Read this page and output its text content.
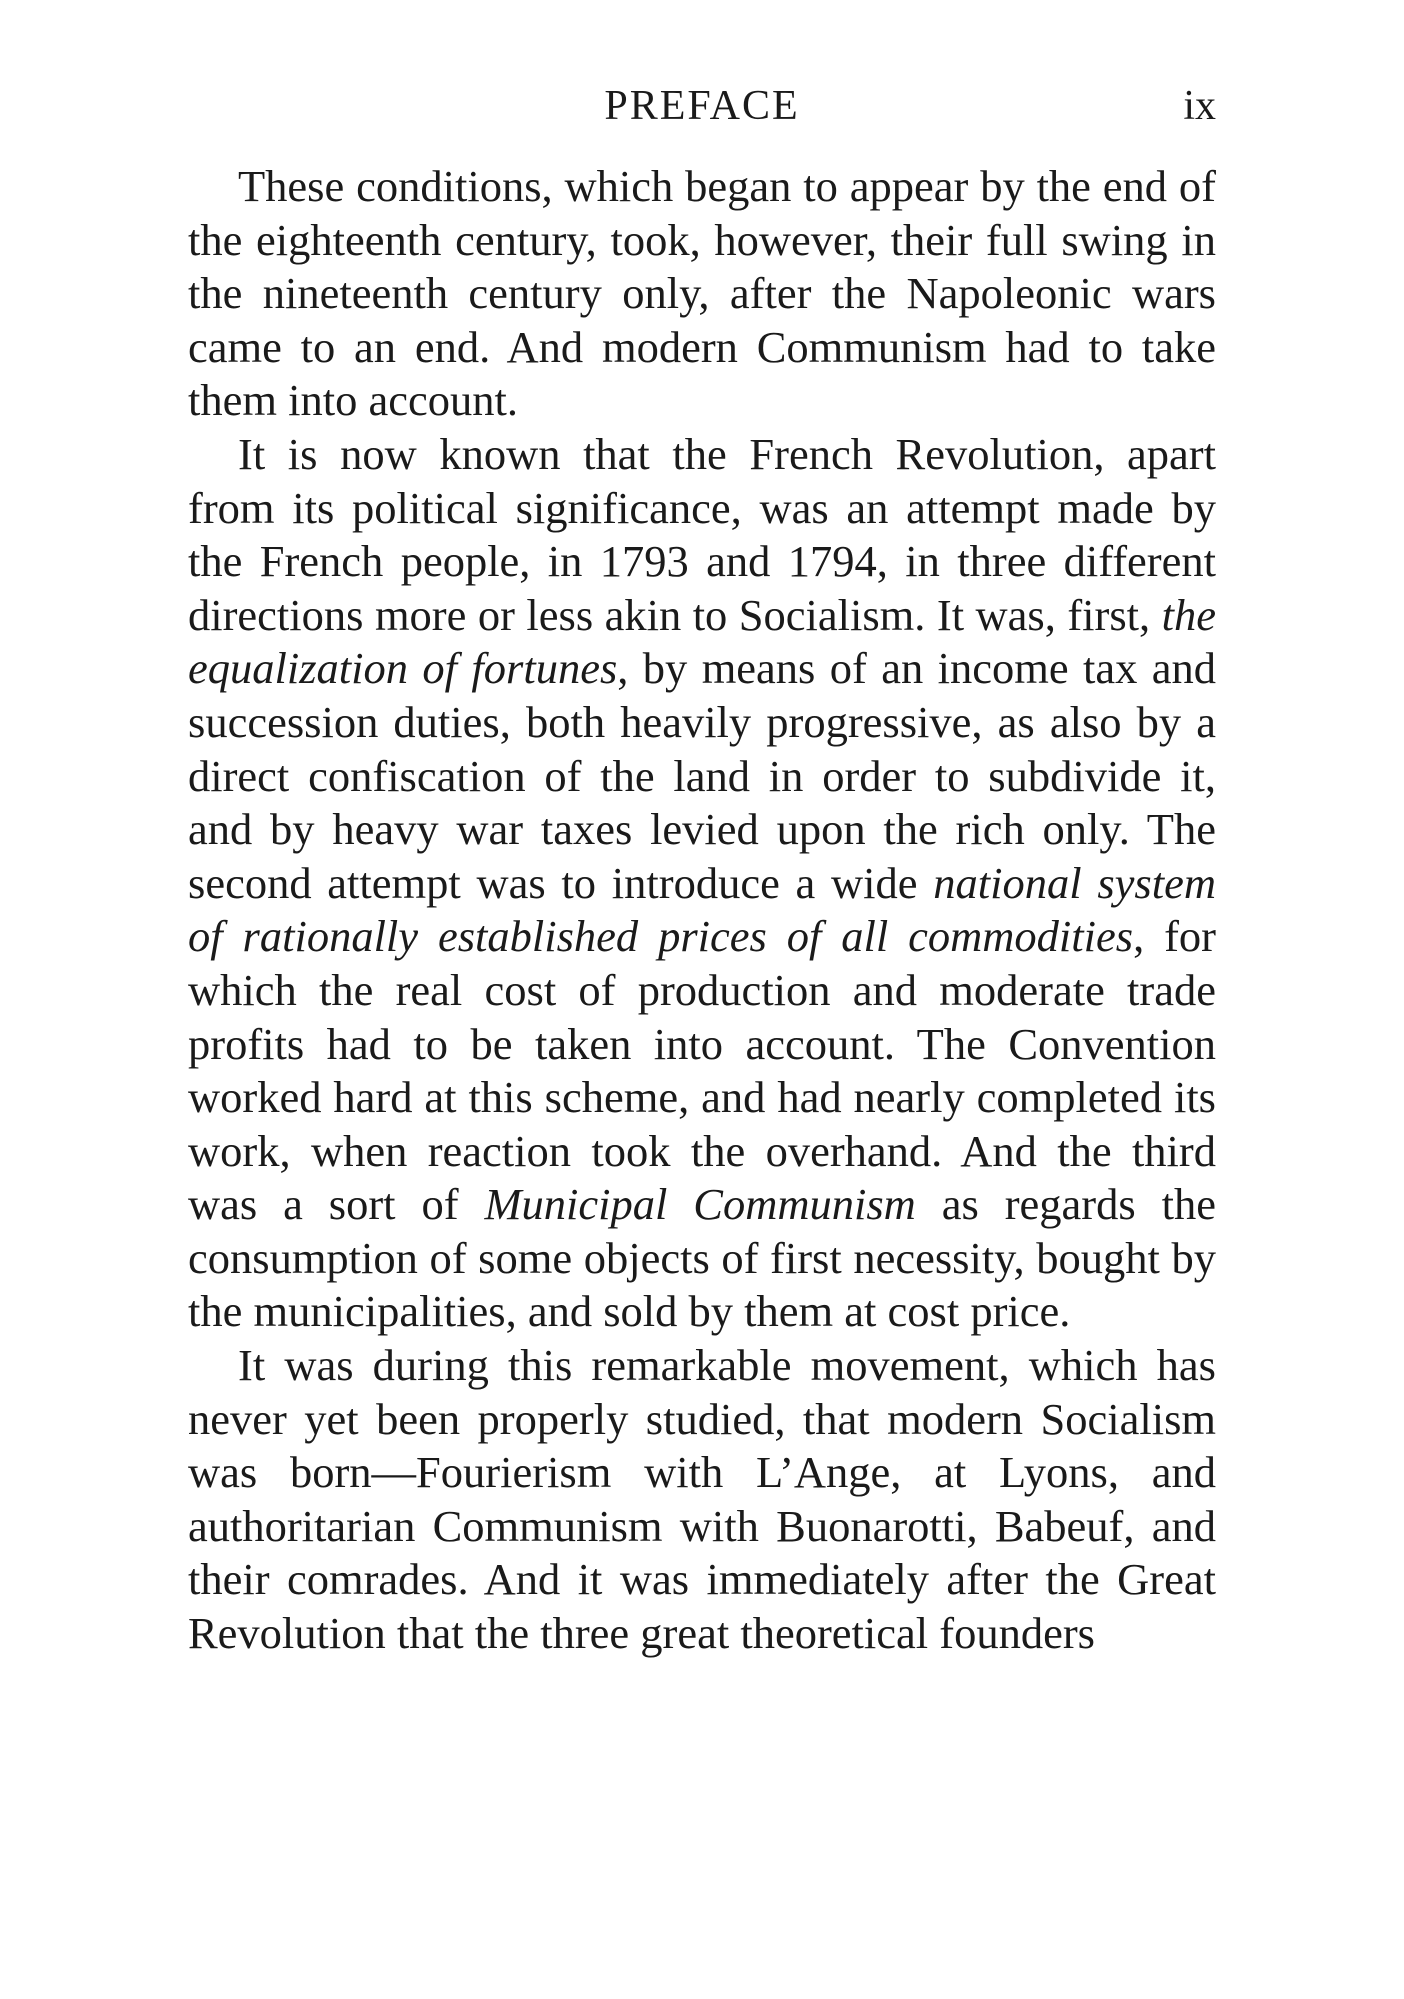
PREFACE	ix

These conditions, which began to appear by the end of the eighteenth century, took, however, their full swing in the nineteenth century only, after the Napoleonic wars came to an end. And modern Communism had to take them into account.

It is now known that the French Revolution, apart from its political significance, was an attempt made by the French people, in 1793 and 1794, in three different directions more or less akin to Socialism. It was, first, the equalization of fortunes, by means of an income tax and succession duties, both heavily progressive, as also by a direct confiscation of the land in order to subdivide it, and by heavy war taxes levied upon the rich only. The second attempt was to introduce a wide national system of rationally established prices of all commodities, for which the real cost of production and moderate trade profits had to be taken into account. The Convention worked hard at this scheme, and had nearly completed its work, when reaction took the overhand. And the third was a sort of Municipal Communism as regards the consumption of some objects of first necessity, bought by the municipalities, and sold by them at cost price.

It was during this remarkable movement, which has never yet been properly studied, that modern Socialism was born—Fourierism with L’Ange, at Lyons, and authoritarian Communism with Buonarotti, Babeuf, and their comrades. And it was immediately after the Great Revolution that the three great theoretical founders
